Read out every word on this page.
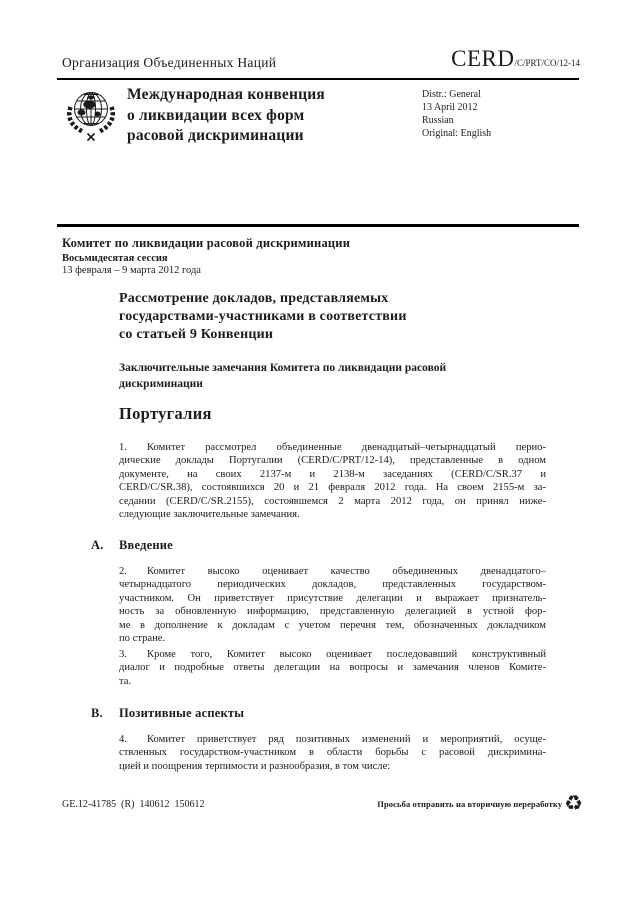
Организация Объединенных Наций	CERD /C/PRT/CO/12-14
Международная конвенция
о ликвидации всех форм
расовой дискриминации
Distr.: General
13 April 2012
Russian
Original: English
Комитет по ликвидации расовой дискриминации
Восьмидесятая сессия
13 февраля – 9 марта 2012 года
Рассмотрение докладов, представляемых
государствами-участниками в соответствии
со статьей 9 Конвенции
Заключительные замечания Комитета по ликвидации расовой
дискриминации
Португалия
1. Комитет рассмотрел объединенные двенадцатый–четырнадцатый перио-
дические доклады Португалии (CERD/C/PRT/12-14), представленные в одном
документе, на своих 2137-м и 2138-м заседаниях (CERD/C/SR.37 и
CERD/C/SR.38), состоявшихся 20 и 21 февраля 2012 года. На своем 2155-м за-
седании (CERD/C/SR.2155), состоявшемся 2 марта 2012 года, он принял ниже-
следующие заключительные замечания.
A. Введение
2. Комитет высоко оценивает качество объединенных двенадцатого–
четырнадцатого периодических докладов, представленных государством-
участником. Он приветствует присутствие делегации и выражает признатель-
ность за обновленную информацию, представленную делегацией в устной фор-
ме в дополнение к докладам с учетом перечня тем, обозначенных докладчиком
по стране.
3. Кроме того, Комитет высоко оценивает последовавший конструктивный
диалог и подробные ответы делегации на вопросы и замечания членов Комите-
та.
B. Позитивные аспекты
4. Комитет приветствует ряд позитивных изменений и мероприятий, осуще-
ствленных государством-участником в области борьбы с расовой дискримина-
цией и поощрения терпимости и разнообразия, в том числе:
GE.12-41785  (R)  140612  150612	Просьба отправить на вторичную переработку ♻
